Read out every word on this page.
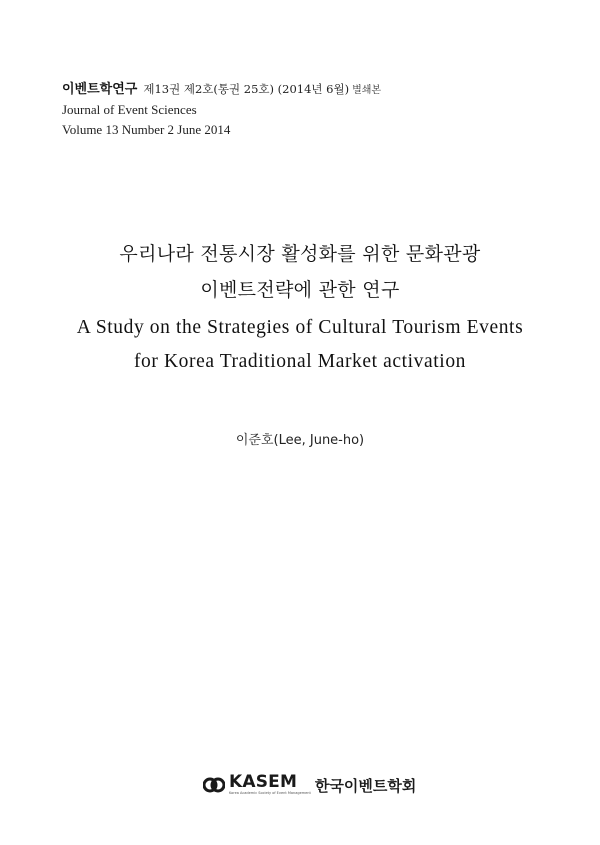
이벤트학연구 제13권 제2호(통권 25호) (2014년 6월) 별쇄본
Journal of Event Sciences
Volume 13 Number 2 June 2014
우리나라 전통시장 활성화를 위한 문화관광
이벤트전략에 관한 연구
A Study on the Strategies of Cultural Tourism Events
for Korea Traditional Market activation
이준호(Lee, June-ho)
KASEM
Korea Academic Society of Event Management 한국이벤트학회
